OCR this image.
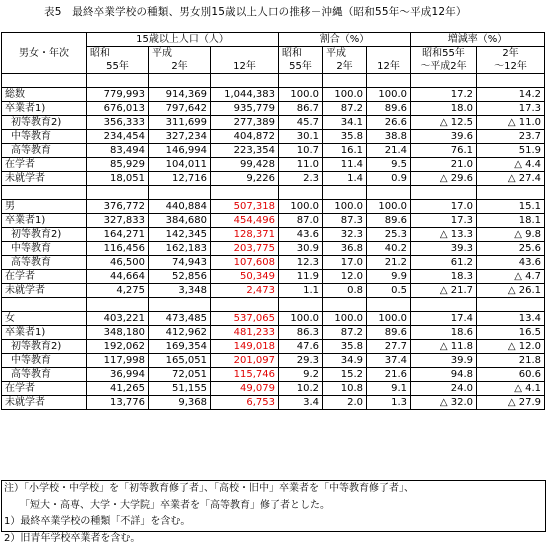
表5　最終卒業学校の種類、男女別15歳以上人口の推移－沖縄（昭和55年～平成12年）
男女・年次	15歳以上人口（人）			割合（%）			増減率（%）	
	昭和	平成		昭和	平成		昭和55年	2年
	55年	2年	12年	55年	2年	12年	～平成2年	～12年

総数	779,993	914,369	1,044,383	100.0	100.0	100.0	17.2	14.2
卒業者1)	676,013	797,642	935,779	86.7	87.2	89.6	18.0	17.3
初等教育2)	356,333	311,699	277,389	45.7	34.1	26.6	△ 12.5	△ 11.0
中等教育	234,454	327,234	404,872	30.1	35.8	38.8	39.6	23.7
高等教育	83,494	146,994	223,354	10.7	16.1	21.4	76.1	51.9
在学者	85,929	104,011	99,428	11.0	11.4	9.5	21.0	△ 4.4
未就学者	18,051	12,716	9,226	2.3	1.4	0.9	△ 29.6	△ 27.4

男	376,772	440,884	507,318	100.0	100.0	100.0	17.0	15.1
卒業者1)	327,833	384,680	454,496	87.0	87.3	89.6	17.3	18.1
初等教育2)	164,271	142,345	128,371	43.6	32.3	25.3	△ 13.3	△ 9.8
中等教育	116,456	162,183	203,775	30.9	36.8	40.2	39.3	25.6
高等教育	46,500	74,943	107,608	12.3	17.0	21.2	61.2	43.6
在学者	44,664	52,856	50,349	11.9	12.0	9.9	18.3	△ 4.7
未就学者	4,275	3,348	2,473	1.1	0.8	0.5	△ 21.7	△ 26.1

女	403,221	473,485	537,065	100.0	100.0	100.0	17.4	13.4
卒業者1)	348,180	412,962	481,233	86.3	87.2	89.6	18.6	16.5
初等教育2)	192,062	169,354	149,018	47.6	35.8	27.7	△ 11.8	△ 12.0
中等教育	117,998	165,051	201,097	29.3	34.9	37.4	39.9	21.8
高等教育	36,994	72,051	115,746	9.2	15.2	21.6	94.8	60.6
在学者	41,265	51,155	49,079	10.2	10.8	9.1	24.0	△ 4.1
未就学者	13,776	9,368	6,753	3.4	2.0	1.3	△ 32.0	△ 27.9
注）「小学校・中学校」を「初等教育修了者」、「高校・旧中」卒業者を「中等教育修了者」、
「短大・高専、大学・大学院」卒業者を「高等教育」修了者とした。
1）最終卒業学校の種類「不詳」を含む。
2）旧青年学校卒業者を含む。
